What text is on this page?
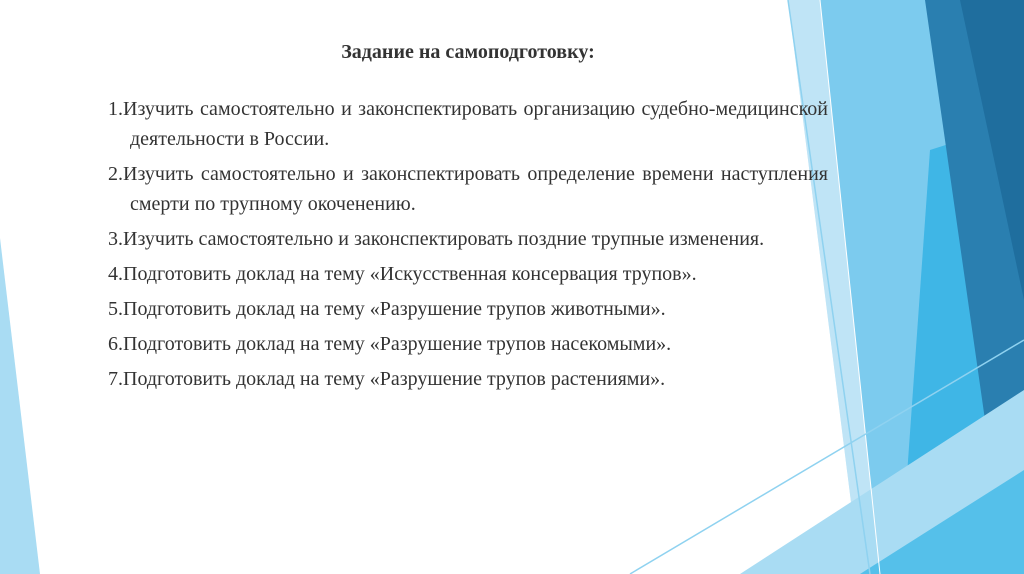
Задание на самоподготовку:
1.Изучить самостоятельно и законспектировать организацию судебно-медицинской деятельности в России.
2.Изучить самостоятельно и законспектировать определение времени наступления смерти по трупному окоченению.
3.Изучить самостоятельно и законспектировать поздние трупные изменения.
4.Подготовить доклад на тему «Искусственная консервация трупов».
5.Подготовить доклад на тему «Разрушение трупов животными».
6.Подготовить доклад на тему «Разрушение трупов насекомыми».
7.Подготовить доклад на тему «Разрушение трупов растениями».
